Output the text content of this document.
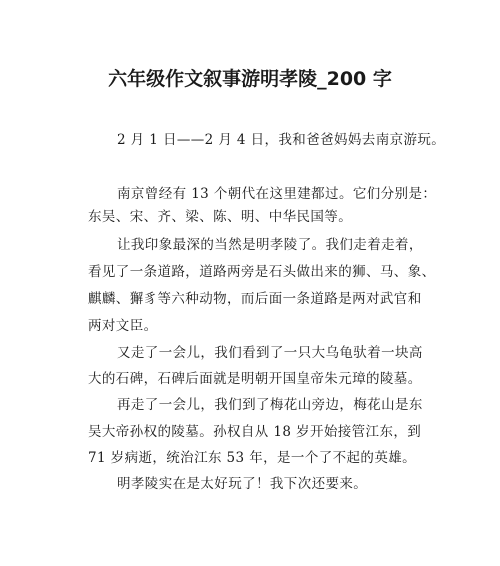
六年级作文叙事游明孝陵_200 字

2 月 1 日——2 月 4 日，我和爸爸妈妈去南京游玩。

南京曾经有 13 个朝代在这里建都过。它们分别是：

东吴、宋、齐、梁、陈、明、中华民国等。

让我印象最深的当然是明孝陵了。我们走着走着，

看见了一条道路，道路两旁是石头做出来的狮、马、象、

麒麟、獬豸等六种动物，而后面一条道路是两对武官和

两对文臣。

又走了一会儿，我们看到了一只大乌龟驮着一块高

大的石碑，石碑后面就是明朝开国皇帝朱元璋的陵墓。

再走了一会儿，我们到了梅花山旁边，梅花山是东

吴大帝孙权的陵墓。孙权自从 18 岁开始接管江东，到

71 岁病逝，统治江东 53 年，是一个了不起的英雄。

明孝陵实在是太好玩了！我下次还要来。
